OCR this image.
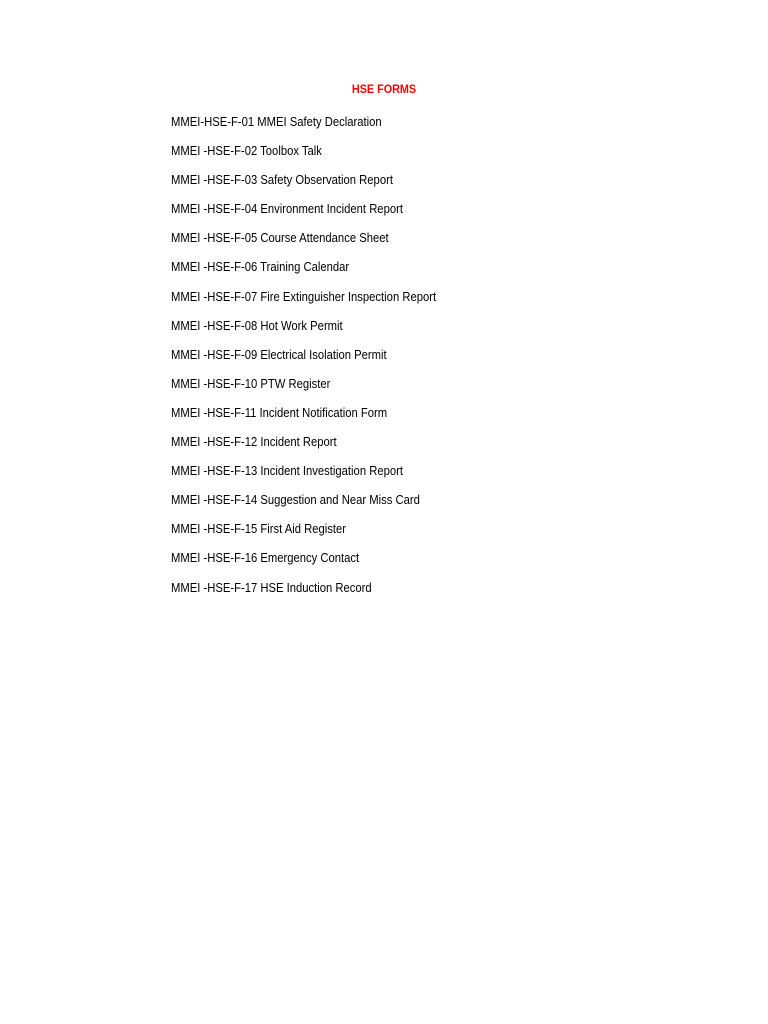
HSE FORMS
MMEI-HSE-F-01 MMEI Safety Declaration
MMEI -HSE-F-02 Toolbox Talk
MMEI -HSE-F-03 Safety Observation Report
MMEI -HSE-F-04 Environment Incident Report
MMEI -HSE-F-05 Course Attendance Sheet
MMEI -HSE-F-06 Training Calendar
MMEI -HSE-F-07 Fire Extinguisher Inspection Report
MMEI -HSE-F-08 Hot Work Permit
MMEI -HSE-F-09 Electrical Isolation Permit
MMEI -HSE-F-10 PTW Register
MMEI -HSE-F-11 Incident Notification Form
MMEI -HSE-F-12 Incident Report
MMEI -HSE-F-13 Incident Investigation Report
MMEI -HSE-F-14 Suggestion and Near Miss Card
MMEI -HSE-F-15 First Aid Register
MMEI -HSE-F-16 Emergency Contact
MMEI -HSE-F-17 HSE Induction Record
